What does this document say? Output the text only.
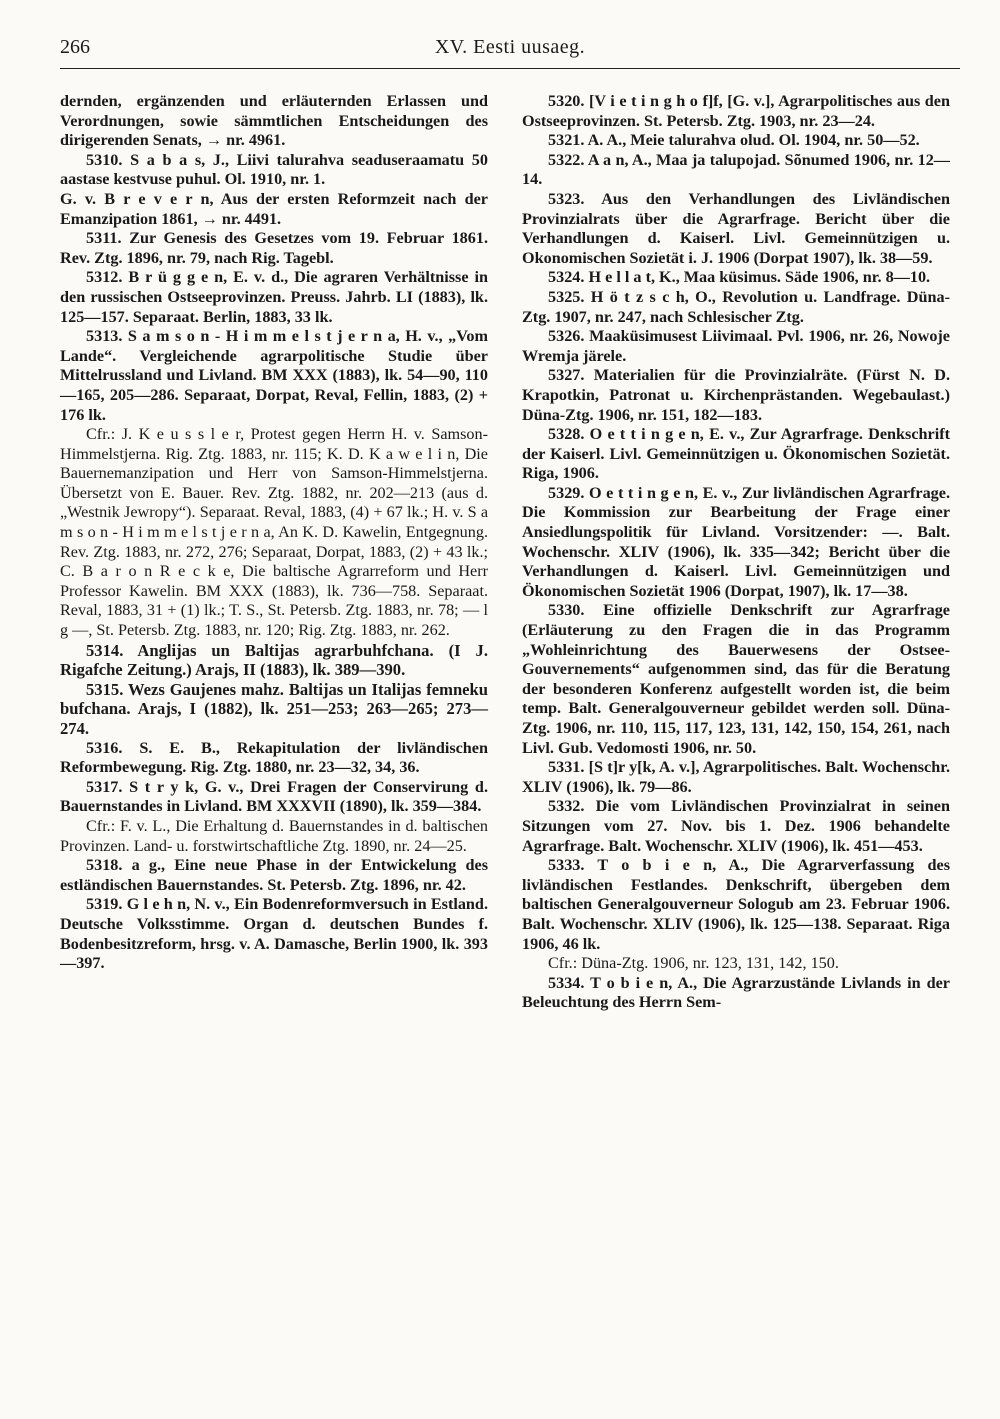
266	XV. Eesti uusaeg.

dernden, ergänzenden und erläuternden Erlassen und Verordnungen, sowie sämmtlichen Entscheidungen des dirigerenden Senats, → nr. 4961.

5310. S a b a s, J., Liivi talurahva seaduseraamatu 50 aastase kestvuse puhul. Ol. 1910, nr. 1.

G. v. B r e v e r n, Aus der ersten Reformzeit nach der Emanzipation 1861, → nr. 4491.

5311. Zur Genesis des Gesetzes vom 19. Februar 1861. Rev. Ztg. 1896, nr. 79, nach Rig. Tagebl.

5312. B r ü g g e n, E. v. d., Die agraren Verhältnisse in den russischen Ostseeprovinzen. Preuss. Jahrb. LI (1883), lk. 125—157. Separaat. Berlin, 1883, 33 lk.

5313. S a m s o n - H i m m e l s t j e r n a, H. v., „Vom Lande“. Vergleichende agrarpolitische Studie über Mittelrussland und Livland. BM XXX (1883), lk. 54—90, 110—165, 205—286. Separaat, Dorpat, Reval, Fellin, 1883, (2) + 176 lk.

Cfr.: J. K e u s s l e r, Protest gegen Herrn H. v. Samson-Himmelstjerna. Rig. Ztg. 1883, nr. 115; K. D. K a w e l i n, Die Bauernemanzipation und Herr von Samson-Himmelstjerna. Übersetzt von E. Bauer. Rev. Ztg. 1882, nr. 202—213 (aus d. „Westnik Jewropy“). Separaat. Reval, 1883, (4) + 67 lk.; H. v. S a m s o n - H i m m e l s t j e r n a, An K. D. Kawelin, Entgegnung. Rev. Ztg. 1883, nr. 272, 276; Separaat, Dorpat, 1883, (2) + 43 lk.; C. B a r o n R e c k e, Die baltische Agrarreform und Herr Professor Kawelin. BM XXX (1883), lk. 736—758. Separaat. Reval, 1883, 31 + (1) lk.; T. S., St. Petersb. Ztg. 1883, nr. 78; — l g —, St. Petersb. Ztg. 1883, nr. 120; Rig. Ztg. 1883, nr. 262.

5314. Anglijas un Baltijas agrarbuhfchana. (I J. Rigafche Zeitung.) Arajs, II (1883), lk. 389—390.

5315. Wezs Gaujenes mahz. Baltijas un Italijas femneku bufchana. Arajs, I (1882), lk. 251—253; 263—265; 273—274.

5316. S. E. B., Rekapitulation der livländischen Reformbewegung. Rig. Ztg. 1880, nr. 23—32, 34, 36.

5317. S t r y k, G. v., Drei Fragen der Conservirung d. Bauernstandes in Livland. BM XXXVII (1890), lk. 359—384.

Cfr.: F. v. L., Die Erhaltung d. Bauernstandes in d. baltischen Provinzen. Land- u. forstwirtschaftliche Ztg. 1890, nr. 24—25.

5318. a g., Eine neue Phase in der Entwickelung des estländischen Bauernstandes. St. Petersb. Ztg. 1896, nr. 42.

5319. G l e h n, N. v., Ein Bodenreformversuch in Estland. Deutsche Volksstimme. Organ d. deutschen Bundes f. Bodenbesitzreform, hrsg. v. A. Damasche, Berlin 1900, lk. 393—397.

5320. [V i e t i n g h o f]f, [G. v.], Agrarpolitisches aus den Ostseeprovinzen. St. Petersb. Ztg. 1903, nr. 23—24.

5321. A. A., Meie talurahva olud. Ol. 1904, nr. 50—52.

5322. A a n, A., Maa ja talupojad. Sõnumed 1906, nr. 12—14.

5323. Aus den Verhandlungen des Livländischen Provinzialrats über die Agrarfrage. Bericht über die Verhandlungen d. Kaiserl. Livl. Gemeinnützigen u. Okonomischen Sozietät i. J. 1906 (Dorpat 1907), lk. 38—59.

5324. H e l l a t, K., Maa küsimus. Säde 1906, nr. 8—10.

5325. H ö t z s c h, O., Revolution u. Landfrage. Düna-Ztg. 1907, nr. 247, nach Schlesischer Ztg.

5326. Maaküsimusest Liivimaal. Pvl. 1906, nr. 26, Nowoje Wremja järele.

5327. Materialien für die Provinzialräte. (Fürst N. D. Krapotkin, Patronat u. Kirchenprästanden. Wegebaulast.) Düna-Ztg. 1906, nr. 151, 182—183.

5328. O e t t i n g e n, E. v., Zur Agrarfrage. Denkschrift der Kaiserl. Livl. Gemeinnützigen u. Ökonomischen Sozietät. Riga, 1906.

5329. O e t t i n g e n, E. v., Zur livländischen Agrarfrage. Die Kommission zur Bearbeitung der Frage einer Ansiedlungspolitik für Livland. Vorsitzender: —. Balt. Wochenschr. XLIV (1906), lk. 335—342; Bericht über die Verhandlungen d. Kaiserl. Livl. Gemeinnützigen und Ökonomischen Sozietät 1906 (Dorpat, 1907), lk. 17—38.

5330. Eine offizielle Denkschrift zur Agrarfrage (Erläuterung zu den Fragen die in das Programm „Wohleinrichtung des Bauerwesens der Ostsee-Gouvernements“ aufgenommen sind, das für die Beratung der besonderen Konferenz aufgestellt worden ist, die beim temp. Balt. Generalgouverneur gebildet werden soll. Düna-Ztg. 1906, nr. 110, 115, 117, 123, 131, 142, 150, 154, 261, nach Livl. Gub. Vedomosti 1906, nr. 50.

5331. [S t]r y[k, A. v.], Agrarpolitisches. Balt. Wochenschr. XLIV (1906), lk. 79—86.

5332. Die vom Livländischen Provinzialrat in seinen Sitzungen vom 27. Nov. bis 1. Dez. 1906 behandelte Agrarfrage. Balt. Wochenschr. XLIV (1906), lk. 451—453.

5333. T o b i e n, A., Die Agrarverfassung des livländischen Festlandes. Denkschrift, übergeben dem baltischen Generalgouverneur Sologub am 23. Februar 1906. Balt. Wochenschr. XLIV (1906), lk. 125—138. Separaat. Riga 1906, 46 lk.

Cfr.: Düna-Ztg. 1906, nr. 123, 131, 142, 150.

5334. T o b i e n, A., Die Agrarzustände Livlands in der Beleuchtung des Herrn Sem-
